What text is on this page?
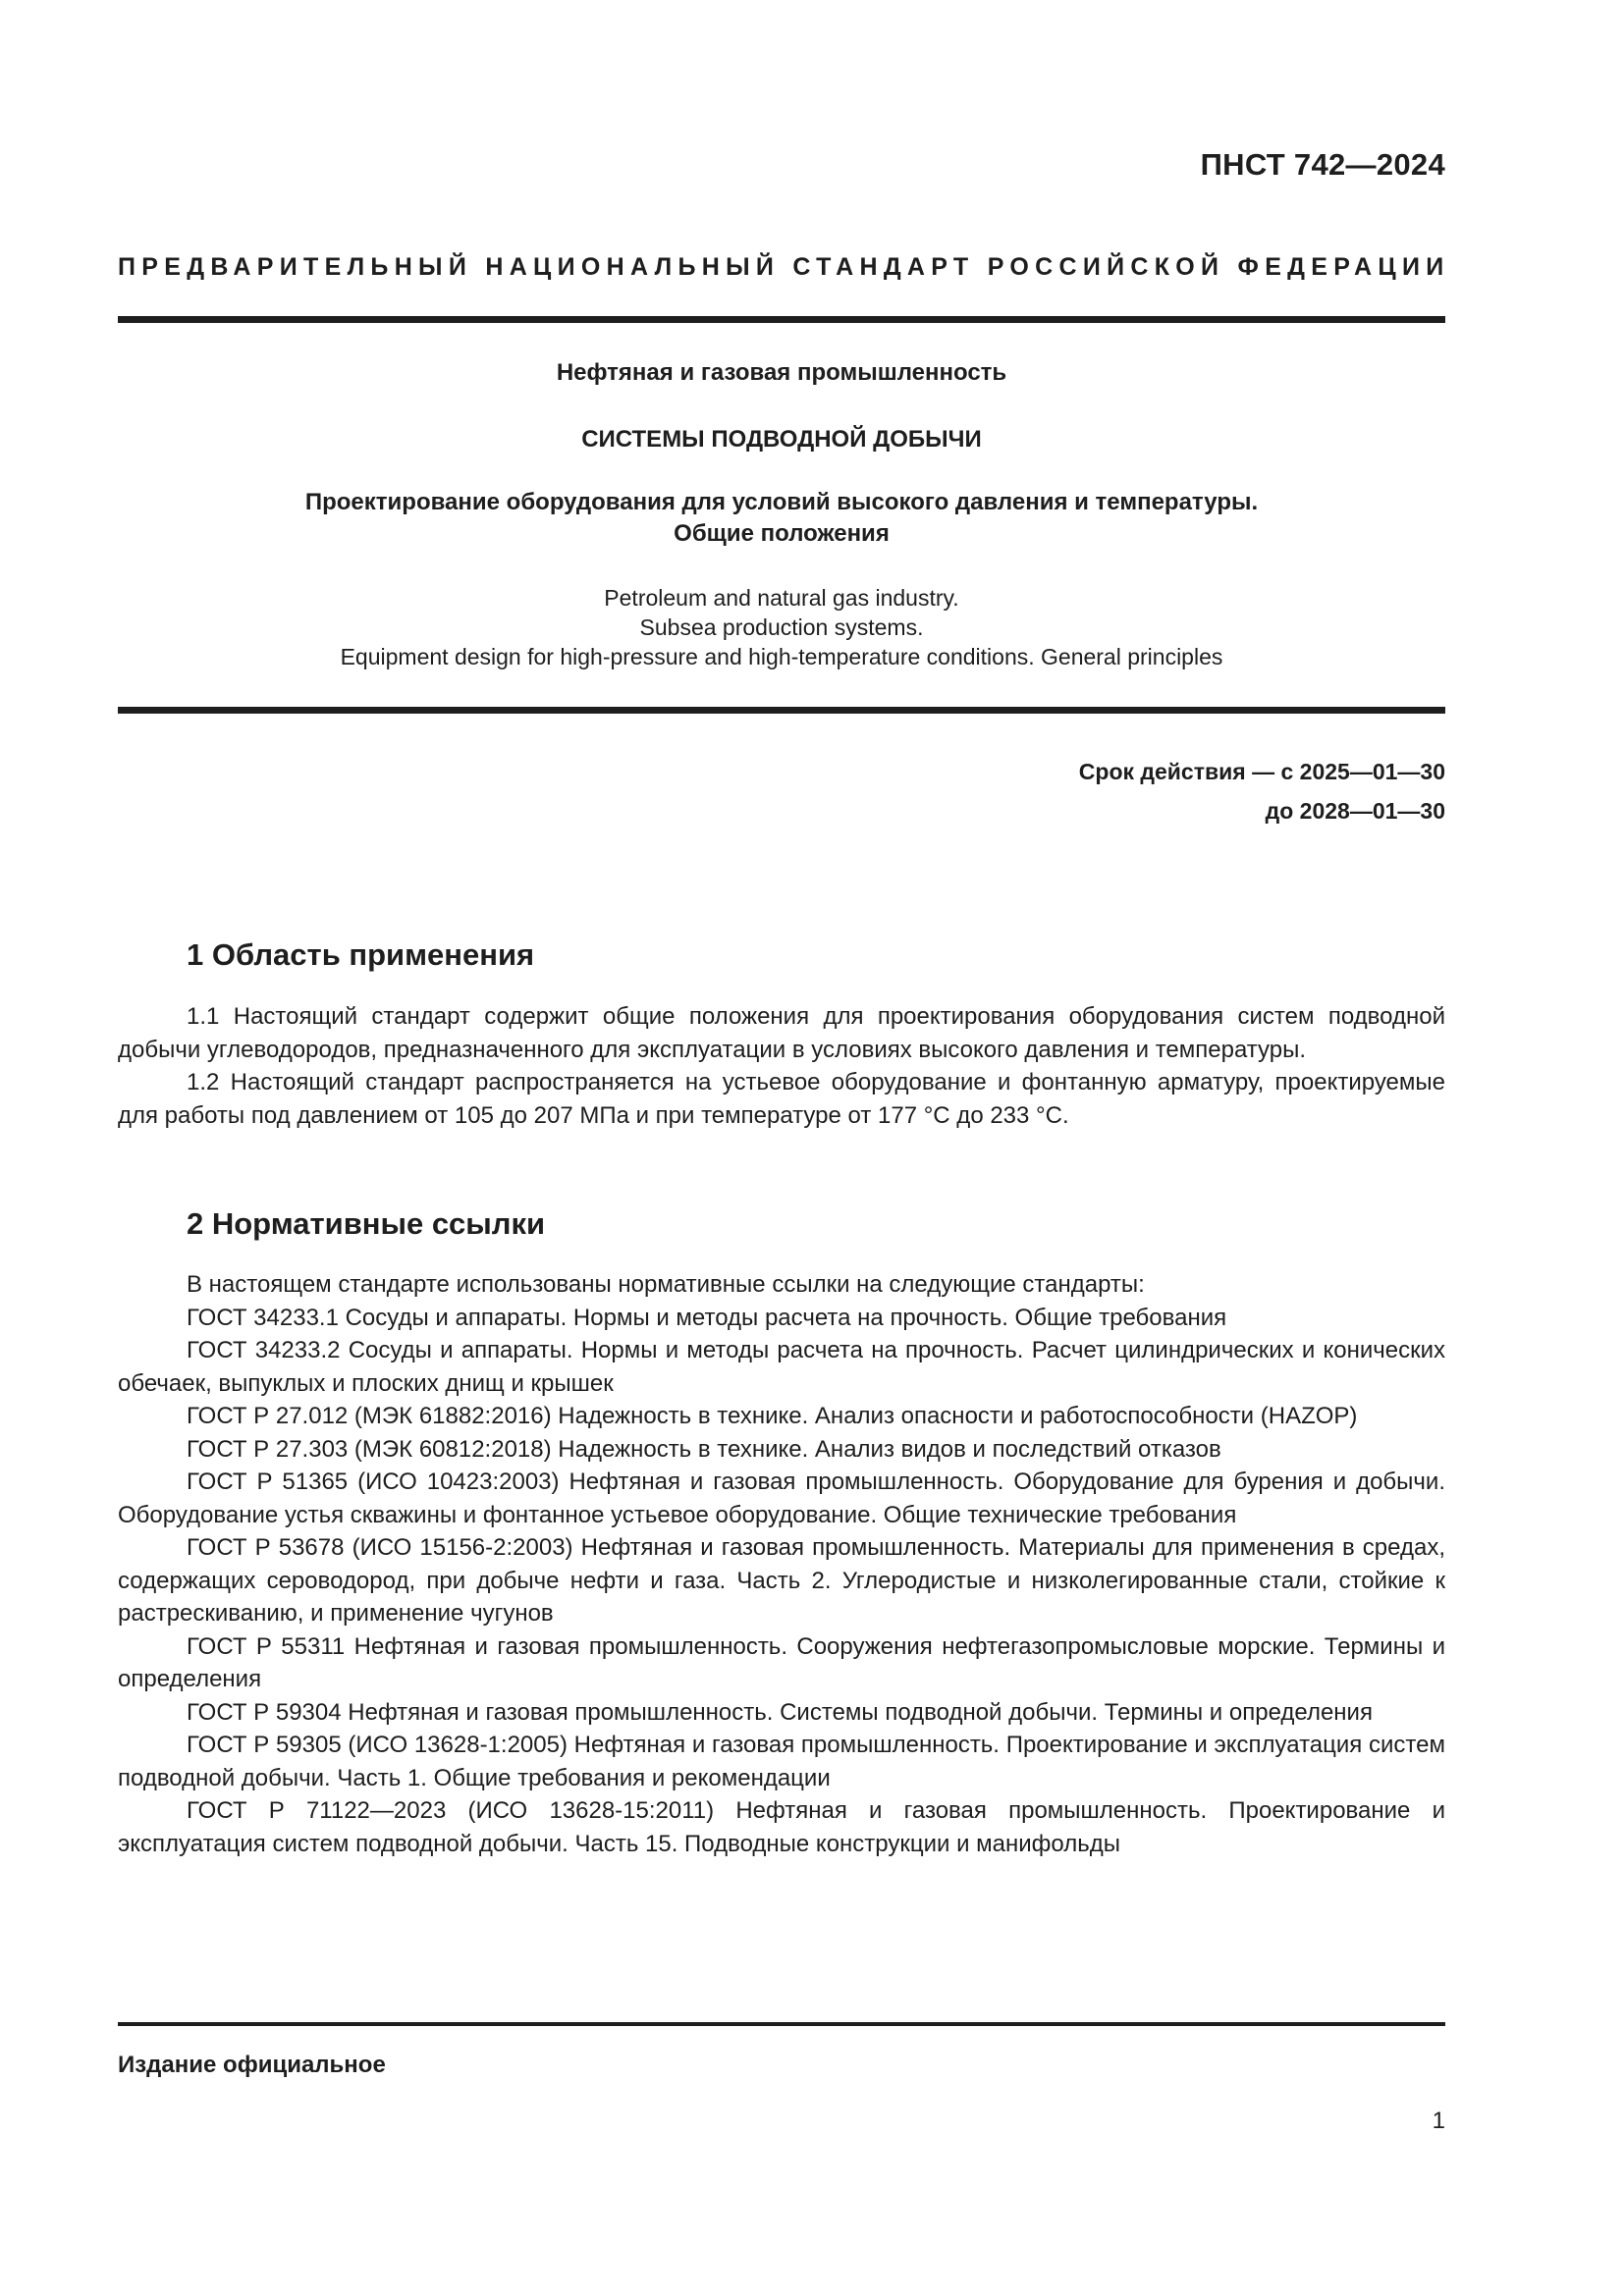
ПНСТ 742—2024
ПРЕДВАРИТЕЛЬНЫЙ НАЦИОНАЛЬНЫЙ СТАНДАРТ РОССИЙСКОЙ ФЕДЕРАЦИИ
Нефтяная и газовая промышленность
СИСТЕМЫ ПОДВОДНОЙ ДОБЫЧИ
Проектирование оборудования для условий высокого давления и температуры.
Общие положения
Petroleum and natural gas industry.
Subsea production systems.
Equipment design for high-pressure and high-temperature conditions. General principles
Срок действия — с 2025—01—30
до 2028—01—30
1 Область применения

1.1 Настоящий стандарт содержит общие положения для проектирования оборудования систем подводной добычи углеводородов, предназначенного для эксплуатации в условиях высокого давления и температуры.

1.2 Настоящий стандарт распространяется на устьевое оборудование и фонтанную арматуру, проектируемые для работы под давлением от 105 до 207 МПа и при температуре от 177 °С до 233 °С.

2 Нормативные ссылки

В настоящем стандарте использованы нормативные ссылки на следующие стандарты:

ГОСТ 34233.1 Сосуды и аппараты. Нормы и методы расчета на прочность. Общие требования

ГОСТ 34233.2 Сосуды и аппараты. Нормы и методы расчета на прочность. Расчет цилиндрических и конических обечаек, выпуклых и плоских днищ и крышек

ГОСТ Р 27.012 (МЭК 61882:2016) Надежность в технике. Анализ опасности и работоспособности (HAZOP)

ГОСТ Р 27.303 (МЭК 60812:2018) Надежность в технике. Анализ видов и последствий отказов

ГОСТ Р 51365 (ИСО 10423:2003) Нефтяная и газовая промышленность. Оборудование для бурения и добычи. Оборудование устья скважины и фонтанное устьевое оборудование. Общие технические требования

ГОСТ Р 53678 (ИСО 15156-2:2003) Нефтяная и газовая промышленность. Материалы для применения в средах, содержащих сероводород, при добыче нефти и газа. Часть 2. Углеродистые и низколегированные стали, стойкие к растрескиванию, и применение чугунов

ГОСТ Р 55311 Нефтяная и газовая промышленность. Сооружения нефтегазопромысловые морские. Термины и определения

ГОСТ Р 59304 Нефтяная и газовая промышленность. Системы подводной добычи. Термины и определения

ГОСТ Р 59305 (ИСО 13628-1:2005) Нефтяная и газовая промышленность. Проектирование и эксплуатация систем подводной добычи. Часть 1. Общие требования и рекомендации

ГОСТ Р 71122—2023 (ИСО 13628-15:2011) Нефтяная и газовая промышленность. Проектирование и эксплуатация систем подводной добычи. Часть 15. Подводные конструкции и манифольды

Издание официальное
1
